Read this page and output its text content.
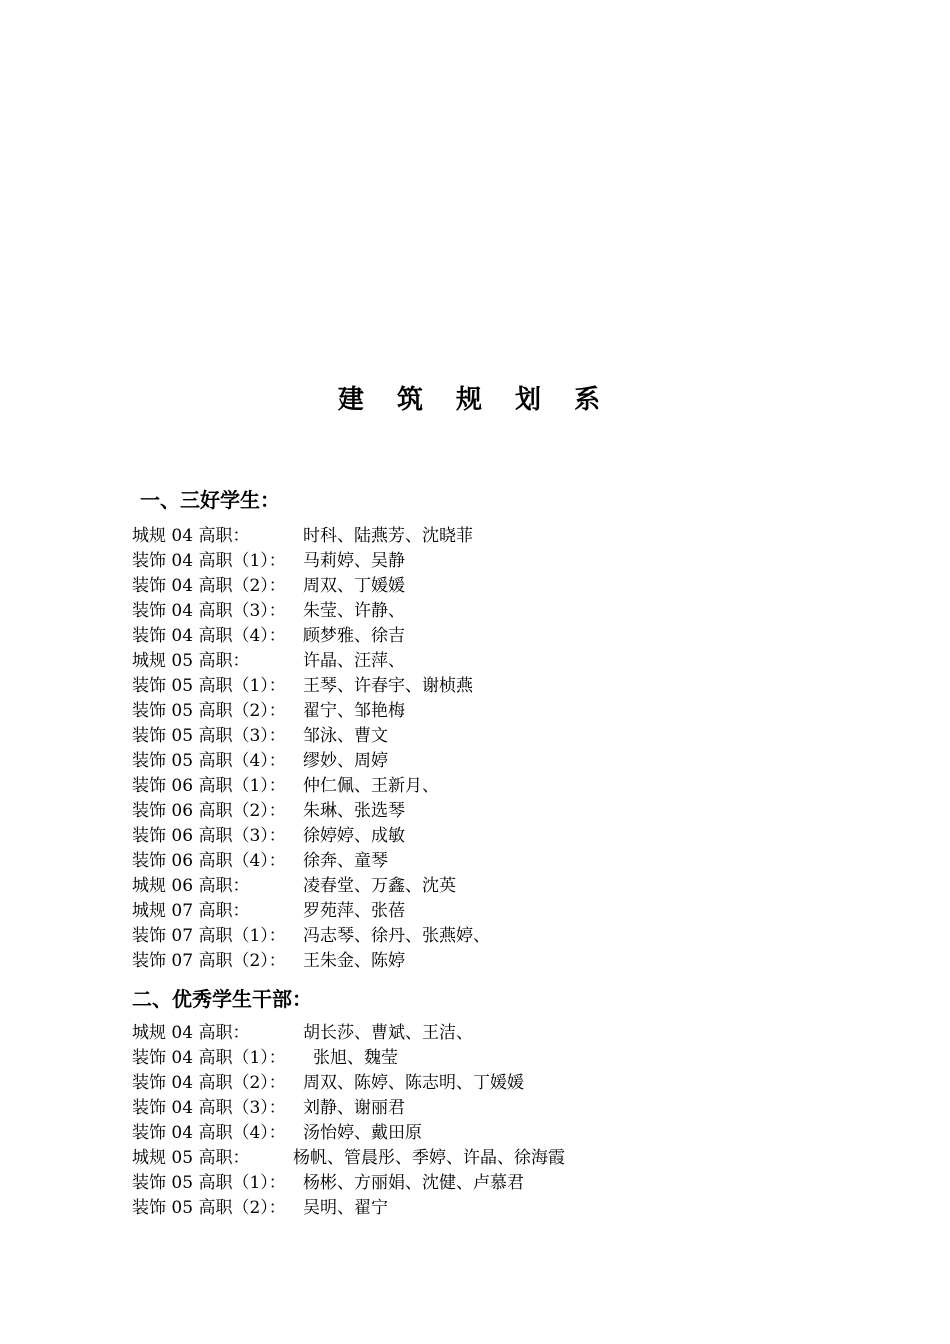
建 筑 规 划 系
一、三好学生：
城规 04 高职：	时科、陆燕芳、沈晓菲
装饰 04 高职（1）： 马莉婷、吴静
装饰 04 高职（2）： 周双、丁媛媛
装饰 04 高职（3）： 朱莹、许静、
装饰 04 高职（4）： 顾梦雅、徐吉
城规 05 高职：	许晶、汪萍、
装饰 05 高职（1）： 王琴、许春宇、谢桢燕
装饰 05 高职（2）： 翟宁、邹艳梅
装饰 05 高职（3）： 邹泳、曹文
装饰 05 高职（4）： 缪妙、周婷
装饰 06 高职（1）： 仲仁佩、王新月、
装饰 06 高职（2）： 朱琳、张选琴
装饰 06 高职（3）： 徐婷婷、成敏
装饰 06 高职（4）： 徐奔、童琴
城规 06 高职：	凌春堂、万鑫、沈英
城规 07 高职：	罗苑萍、张蓓
装饰 07 高职（1）： 冯志琴、徐丹、张燕婷、
装饰 07 高职（2）： 王朱金、陈婷
二、优秀学生干部：
城规 04 高职：	胡长莎、曹斌、王洁、
装饰 04 高职（1）： 张旭、魏莹
装饰 04 高职（2）： 周双、陈婷、陈志明、丁媛媛
装饰 04 高职（3）： 刘静、谢丽君
装饰 04 高职（4）： 汤怡婷、戴田原
城规 05 高职：	杨帆、管晨彤、季婷、许晶、徐海霞
装饰 05 高职（1）： 杨彬、方丽娟、沈健、卢慕君
装饰 05 高职（2）： 吴明、翟宁
